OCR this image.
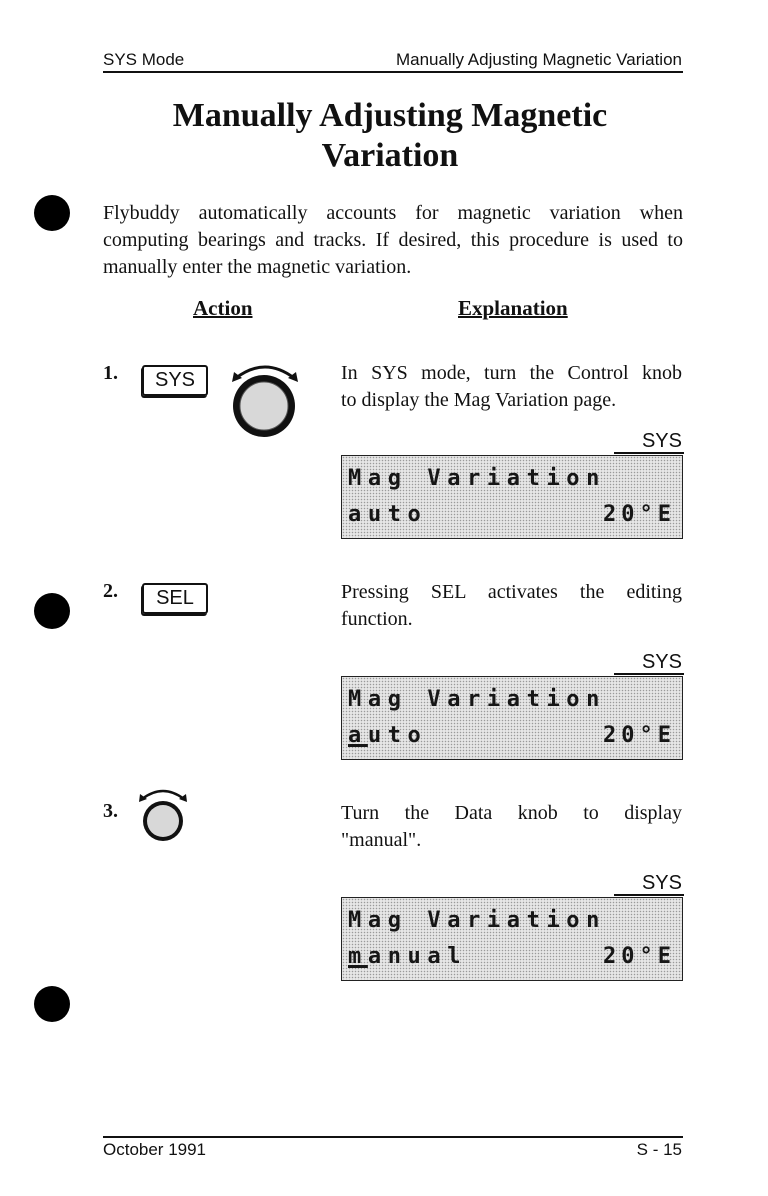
SYS Mode	Manually Adjusting Magnetic Variation
Manually Adjusting Magnetic
Variation
Flybuddy automatically accounts for magnetic variation when computing bearings and tracks. If desired, this procedure is used to manually enter the magnetic variation.
Action	Explanation
1.	SYS	In SYS mode, turn the Control knob
to display the Mag Variation page.
SYS
Mag Variation
auto	20°E
2.	SEL	Pressing SEL activates the editing
function.
SYS
Mag Variation
auto	20°E
3.	Turn the Data knob to display
"manual".
SYS
Mag Variation
manual	20°E
October 1991	S - 15
